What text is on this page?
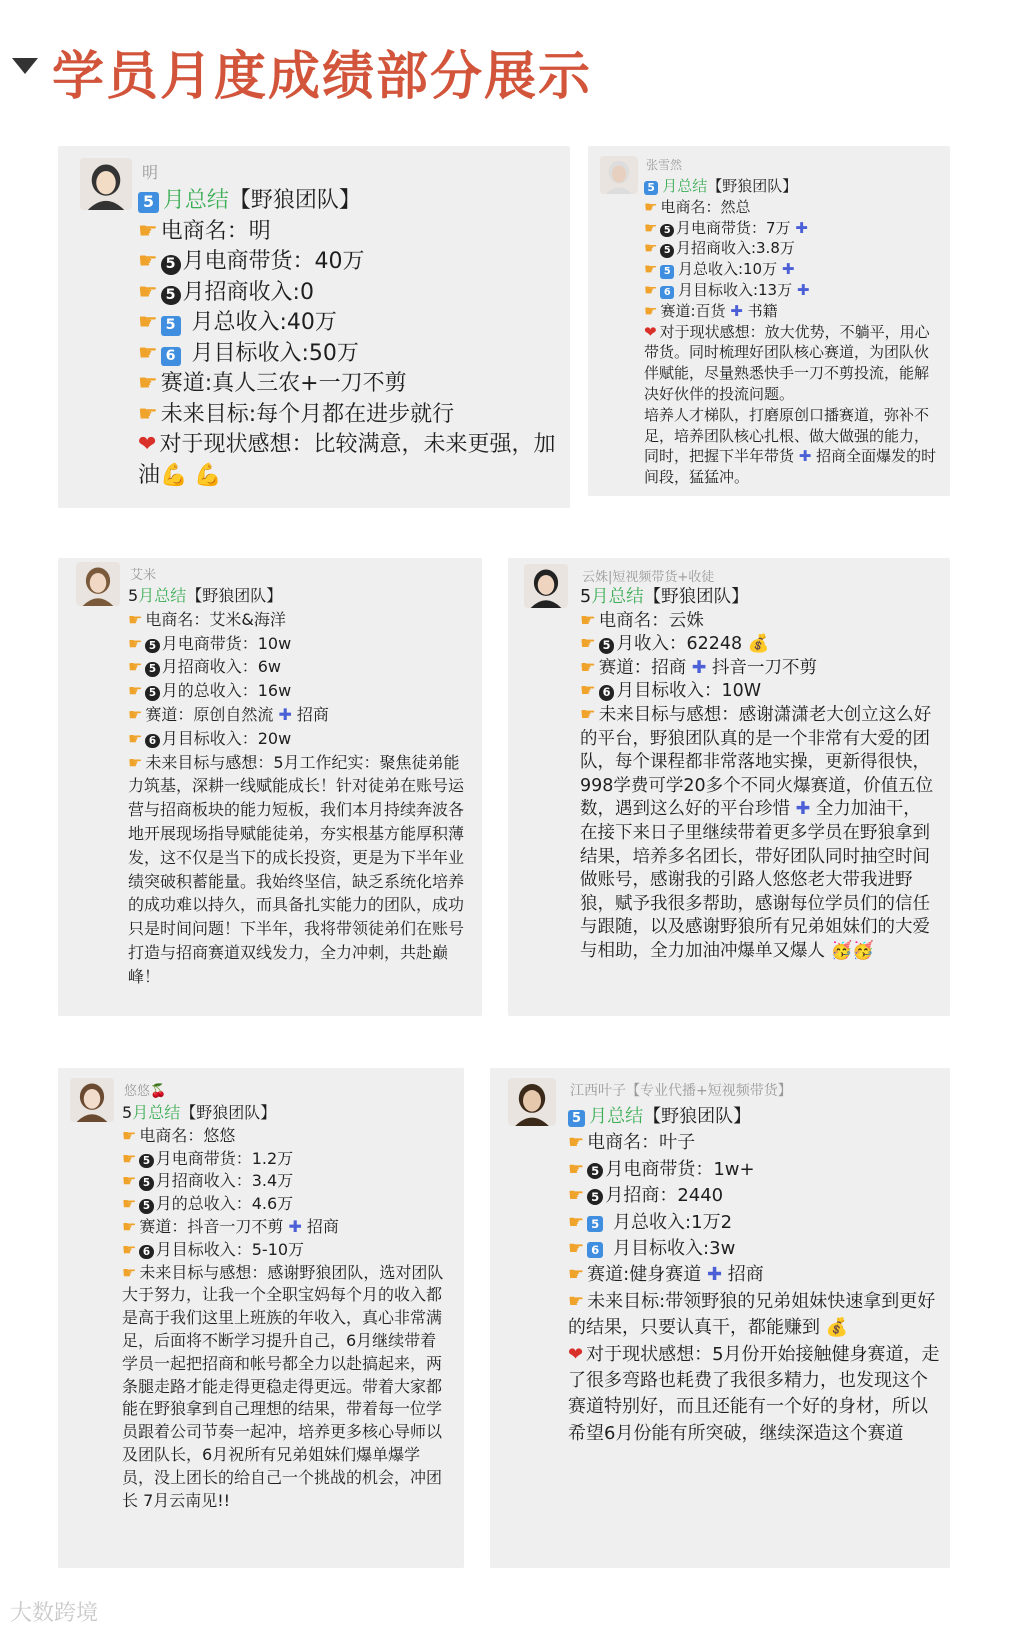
学员月度成绩部分展示
明
5 月总结【野狼团队】
☛ 电商名：明
☛ 5 月电商带货：40万
☛ 5 月招商收入:0
☛ 5 月总收入:40万
☛ 6 月目标收入:50万
☛ 赛道:真人三农+一刀不剪
☛ 未来目标:每个月都在进步就行
❤ 对于现状感想：比较满意，未来更强，加油💪 💪
张雪然
5 月总结【野狼团队】
☛ 电商名：然总
☛ 5 月电商带货：7万 ✚
☛ 5 月招商收入:3.8万
☛ 5 月总收入:10万 ✚
☛ 6 月目标收入:13万 ✚
☛ 赛道:百货 ✚ 书籍
❤ 对于现状感想：放大优势，不躺平，用心带货。同时梳理好团队核心赛道，为团队伙伴赋能，尽量熟悉快手一刀不剪投流，能解决好伙伴的投流问题。
培养人才梯队，打磨原创口播赛道，弥补不足，培养团队核心扎根、做大做强的能力，同时，把握下半年带货 ✚ 招商全面爆发的时间段，猛猛冲。
艾米
5月总结【野狼团队】
☛ 电商名：艾米&海洋
☛ 5 月电商带货：10w
☛ 5 月招商收入：6w
☛ 5 月的总收入：16w
☛ 赛道：原创自然流 ✚ 招商
☛ 6 月目标收入：20w
☛ 未来目标与感想：5月工作纪实：聚焦徒弟能力筑基，深耕一线赋能成长！针对徒弟在账号运营与招商板块的能力短板，我们本月持续奔波各地开展现场指导赋能徒弟，夯实根基方能厚积薄发，这不仅是当下的成长投资，更是为下半年业绩突破积蓄能量。我始终坚信，缺乏系统化培养的成功难以持久，而具备扎实能力的团队，成功只是时间问题！下半年，我将带领徒弟们在账号打造与招商赛道双线发力，全力冲刺，共赴巅峰！
云姝|短视频带货+收徒
5月总结【野狼团队】
☛ 电商名：云姝
☛ 5 月收入：62248 💰
☛ 赛道：招商 ✚ 抖音一刀不剪
☛ 6 月目标收入：10W
☛ 未来目标与感想：感谢潇潇老大创立这么好的平台，野狼团队真的是一个非常有大爱的团队，每个课程都非常落地实操，更新得很快，998学费可学20多个不同火爆赛道，价值五位数，遇到这么好的平台珍惜 ✚ 全力加油干，在接下来日子里继续带着更多学员在野狼拿到结果，培养多名团长，带好团队同时抽空时间做账号，感谢我的引路人悠悠老大带我进野狼，赋予我很多帮助，感谢每位学员们的信任与跟随，以及感谢野狼所有兄弟姐妹们的大爱与相助，全力加油冲爆单又爆人 🥳🥳
悠悠🍒
5月总结【野狼团队】
☛ 电商名：悠悠
☛ 5 月电商带货：1.2万
☛ 5 月招商收入：3.4万
☛ 5 月的总收入：4.6万
☛ 赛道：抖音一刀不剪 ✚ 招商
☛ 6 月目标收入：5-10万
☛ 未来目标与感想：感谢野狼团队，选对团队大于努力，让我一个全职宝妈每个月的收入都是高于我们这里上班族的年收入，真心非常满足，后面将不断学习提升自己，6月继续带着学员一起把招商和帐号都全力以赴搞起来，两条腿走路才能走得更稳走得更远。带着大家都能在野狼拿到自己理想的结果，带着每一位学员跟着公司节奏一起冲，培养更多核心导师以及团队长，6月祝所有兄弟姐妹们爆单爆学员，没上团长的给自己一个挑战的机会，冲团长 7月云南见!!
江西叶子【专业代播+短视频带货】
5 月总结【野狼团队】
☛ 电商名：叶子
☛ 5 月电商带货：1w+
☛ 5 月招商：2440
☛ 5 月总收入:1万2
☛ 6 月目标收入:3w
☛ 赛道:健身赛道 ✚ 招商
☛ 未来目标:带领野狼的兄弟姐妹快速拿到更好的结果，只要认真干，都能赚到 💰
❤ 对于现状感想：5月份开始接触健身赛道，走了很多弯路也耗费了我很多精力，也发现这个赛道特别好，而且还能有一个好的身材，所以希望6月份能有所突破，继续深造这个赛道
大数跨境
